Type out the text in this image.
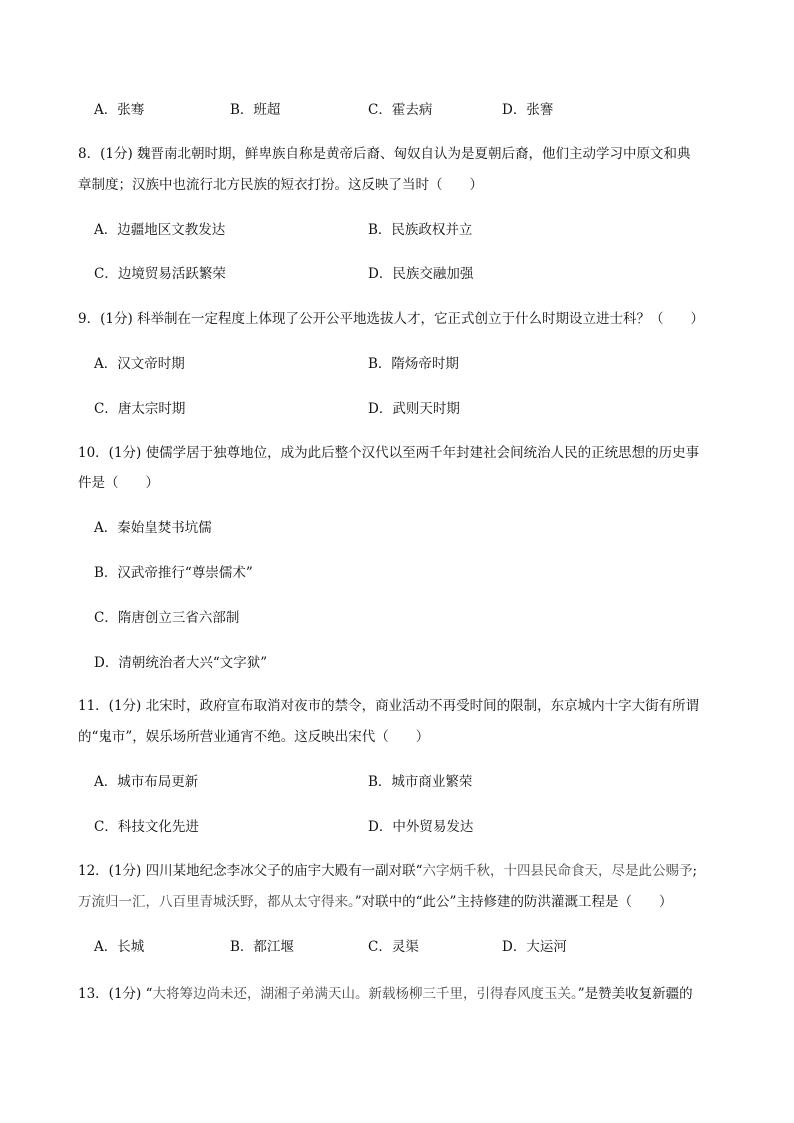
A．张骞	B．班超	C．霍去病	D．张謇
8．(1分) 魏晋南北朝时期，鲜卑族自称是黄帝后裔、匈奴自认为是夏朝后裔，他们主动学习中原文和典
章制度；汉族中也流行北方民族的短衣打扮。这反映了当时（　　）
A．边疆地区文教发达	B．民族政权并立
C．边境贸易活跃繁荣	D．民族交融加强
9．(1分) 科举制在一定程度上体现了公开公平地选拔人才，它正式创立于什么时期设立进士科？（　　）
A．汉文帝时期	B．隋炀帝时期
C．唐太宗时期	D．武则天时期
10．(1分) 使儒学居于独尊地位，成为此后整个汉代以至两千年封建社会间统治人民的正统思想的历史事
件是（　　）
A．秦始皇焚书坑儒
B．汉武帝推行“尊崇儒术”
C．隋唐创立三省六部制
D．清朝统治者大兴“文字狱”
11．(1分) 北宋时，政府宣布取消对夜市的禁令，商业活动不再受时间的限制，东京城内十字大街有所谓
的“鬼市”，娱乐场所营业通宵不绝。这反映出宋代（　　）
A．城市布局更新	B．城市商业繁荣
C．科技文化先进	D．中外贸易发达
12．(1分) 四川某地纪念李冰父子的庙宇大殿有一副对联“六字炳千秋，十四县民命食天，尽是此公赐予;
万流归一汇，八百里青城沃野，都从太守得来。”对联中的“此公”主持修建的防洪灌溉工程是（　　）
A．长城	B．都江堰	C．灵渠	D．大运河
13．(1分) “大将筹边尚未还，湖湘子弟满天山。新载杨柳三千里，引得春风度玉关。”是赞美收复新疆的
